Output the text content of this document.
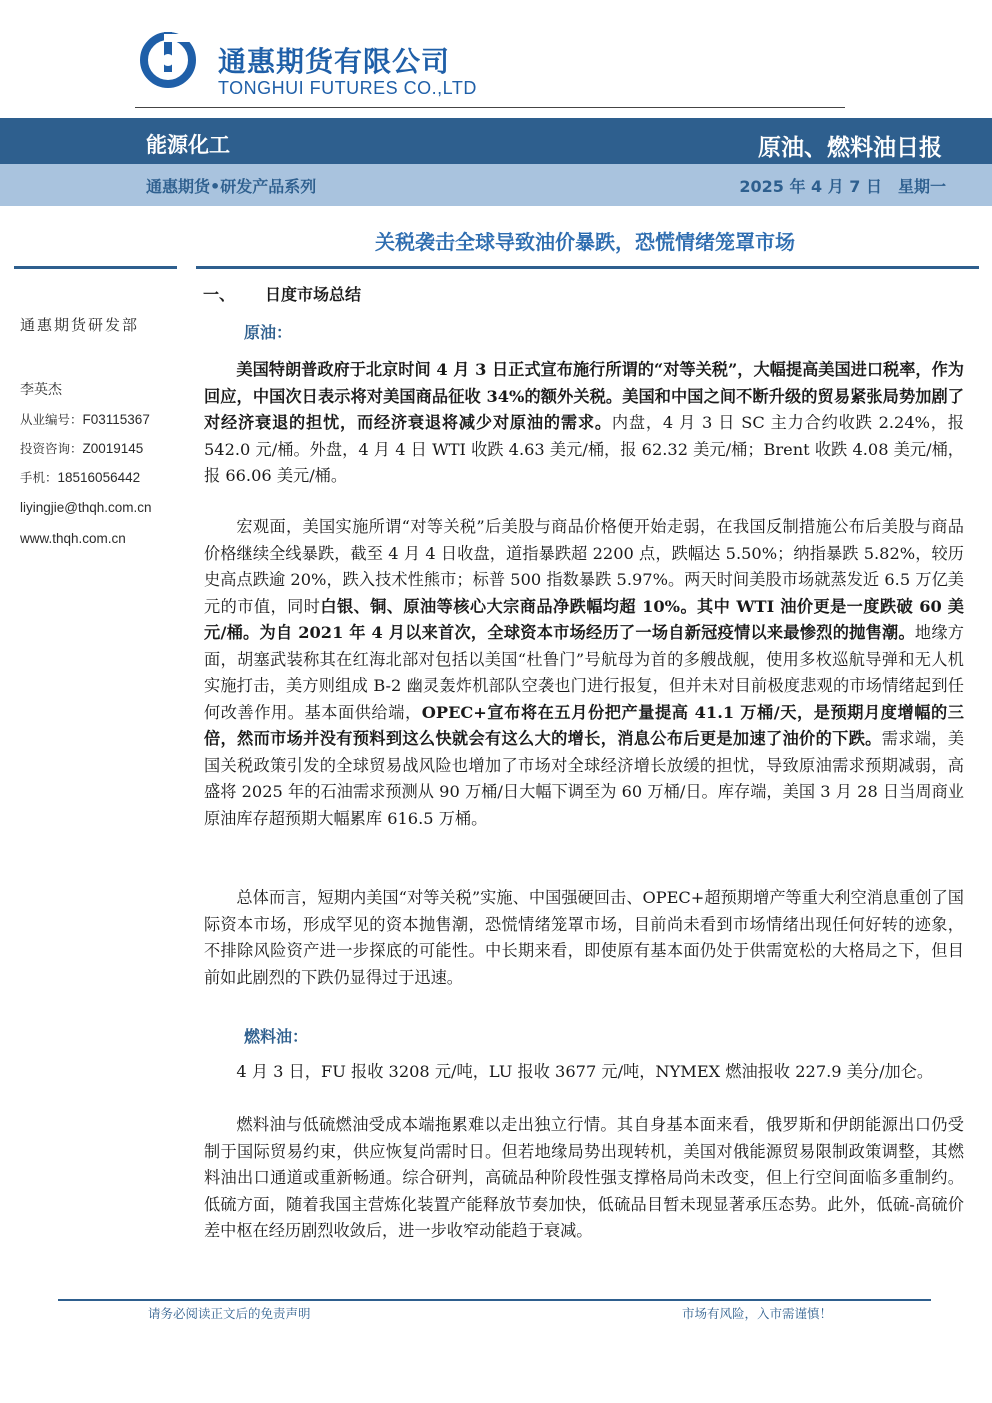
通惠期货有限公司
TONGHUI FUTURES CO.,LTD
能源化工	原油、燃料油日报
通惠期货•研发产品系列	2025 年 4 月 7 日　星期一
关税袭击全球导致油价暴跌，恐慌情绪笼罩市场
通惠期货研发部
李英杰
从业编号：F03115367
投资咨询：Z0019145
手机：18516056442
liyingjie@thqh.com.cn
www.thqh.com.cn
一、 日度市场总结
原油：
美国特朗普政府于北京时间 4 月 3 日正式宣布施行所谓的“对等关税”，大幅提高美国进口税率，作为回应，中国次日表示将对美国商品征收 34%的额外关税。美国和中国之间不断升级的贸易紧张局势加剧了对经济衰退的担忧，而经济衰退将减少对原油的需求。内盘，4 月 3 日 SC 主力合约收跌 2.24%，报 542.0 元/桶。外盘，4 月 4 日 WTI 收跌 4.63 美元/桶，报 62.32 美元/桶；Brent 收跌 4.08 美元/桶，报 66.06 美元/桶。
宏观面，美国实施所谓“对等关税”后美股与商品价格便开始走弱，在我国反制措施公布后美股与商品价格继续全线暴跌，截至 4 月 4 日收盘，道指暴跌超 2200 点，跌幅达 5.50%；纳指暴跌 5.82%，较历史高点跌逾 20%，跌入技术性熊市；标普 500 指数暴跌 5.97%。两天时间美股市场就蒸发近 6.5 万亿美元的市值，同时白银、铜、原油等核心大宗商品净跌幅均超 10%。其中 WTI 油价更是一度跌破 60 美元/桶。为自 2021 年 4 月以来首次，全球资本市场经历了一场自新冠疫情以来最惨烈的抛售潮。地缘方面，胡塞武装称其在红海北部对包括以美国“杜鲁门”号航母为首的多艘战舰，使用多枚巡航导弹和无人机实施打击，美方则组成 B-2 幽灵轰炸机部队空袭也门进行报复，但并未对目前极度悲观的市场情绪起到任何改善作用。基本面供给端，OPEC+宣布将在五月份把产量提高 41.1 万桶/天，是预期月度增幅的三倍，然而市场并没有预料到这么快就会有这么大的增长，消息公布后更是加速了油价的下跌。需求端，美国关税政策引发的全球贸易战风险也增加了市场对全球经济增长放缓的担忧，导致原油需求预期减弱，高盛将 2025 年的石油需求预测从 90 万桶/日大幅下调至为 60 万桶/日。库存端，美国 3 月 28 日当周商业原油库存超预期大幅累库 616.5 万桶。
总体而言，短期内美国“对等关税”实施、中国强硬回击、OPEC+超预期增产等重大利空消息重创了国际资本市场，形成罕见的资本抛售潮，恐慌情绪笼罩市场，目前尚未看到市场情绪出现任何好转的迹象，不排除风险资产进一步探底的可能性。中长期来看，即使原有基本面仍处于供需宽松的大格局之下，但目前如此剧烈的下跌仍显得过于迅速。
燃料油：
4 月 3 日，FU 报收 3208 元/吨，LU 报收 3677 元/吨，NYMEX 燃油报收 227.9 美分/加仑。
燃料油与低硫燃油受成本端拖累难以走出独立行情。其自身基本面来看，俄罗斯和伊朗能源出口仍受制于国际贸易约束，供应恢复尚需时日。但若地缘局势出现转机，美国对俄能源贸易限制政策调整，其燃料油出口通道或重新畅通。综合研判，高硫品种阶段性强支撑格局尚未改变，但上行空间面临多重制约。低硫方面，随着我国主营炼化装置产能释放节奏加快，低硫品目暂未现显著承压态势。此外，低硫-高硫价差中枢在经历剧烈收敛后，进一步收窄动能趋于衰减。
请务必阅读正文后的免责声明	市场有风险，入市需谨慎！
